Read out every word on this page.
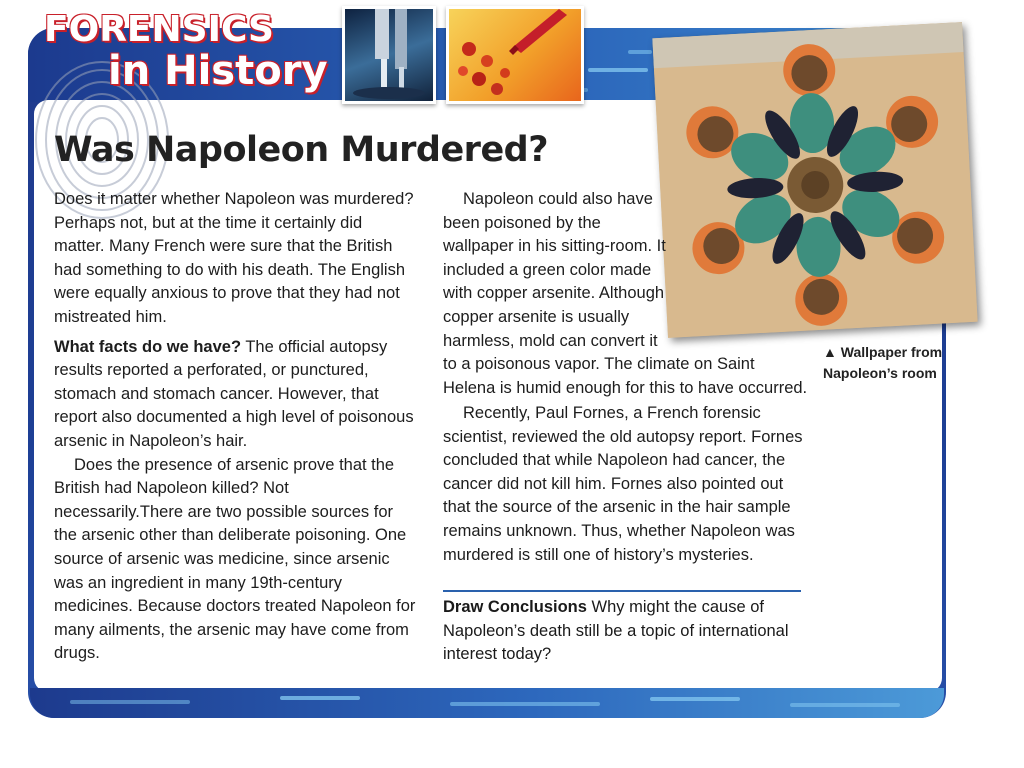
FORENSICS
in History
Was Napoleon Murdered?

Does it matter whether Napoleon was murdered? Perhaps not, but at the time it certainly did matter. Many French were sure that the British had something to do with his death. The English were equally anxious to prove that they had not mistreated him.

What facts do we have? The official autopsy results reported a perforated, or punctured, stomach and stomach cancer. However, that report also documented a high level of poisonous arsenic in Napoleon’s hair.

Does the presence of arsenic prove that the British had Napoleon killed? Not necessarily.There are two possible sources for the arsenic other than deliberate poisoning. One source of arsenic was medicine, since arsenic was an ingredient in many 19th-century medicines. Because doctors treated Napoleon for many ailments, the arsenic may have come from drugs.

Napoleon could also have been poisoned by the wallpaper in his sitting-room. It included a green color made with copper arsenite. Although copper arsenite is usually harmless, mold can convert it to a poisonous vapor. The climate on Saint Helena is humid enough for this to have occurred.

▲ Wallpaper from Napoleon’s room

Recently, Paul Fornes, a French forensic scientist, reviewed the old autopsy report. Fornes concluded that while Napoleon had cancer, the cancer did not kill him. Fornes also pointed out that the source of the arsenic in the hair sample remains unknown. Thus, whether Napoleon was murdered is still one of history’s mysteries.

Draw Conclusions Why might the cause of Napoleon’s death still be a topic of international interest today?
